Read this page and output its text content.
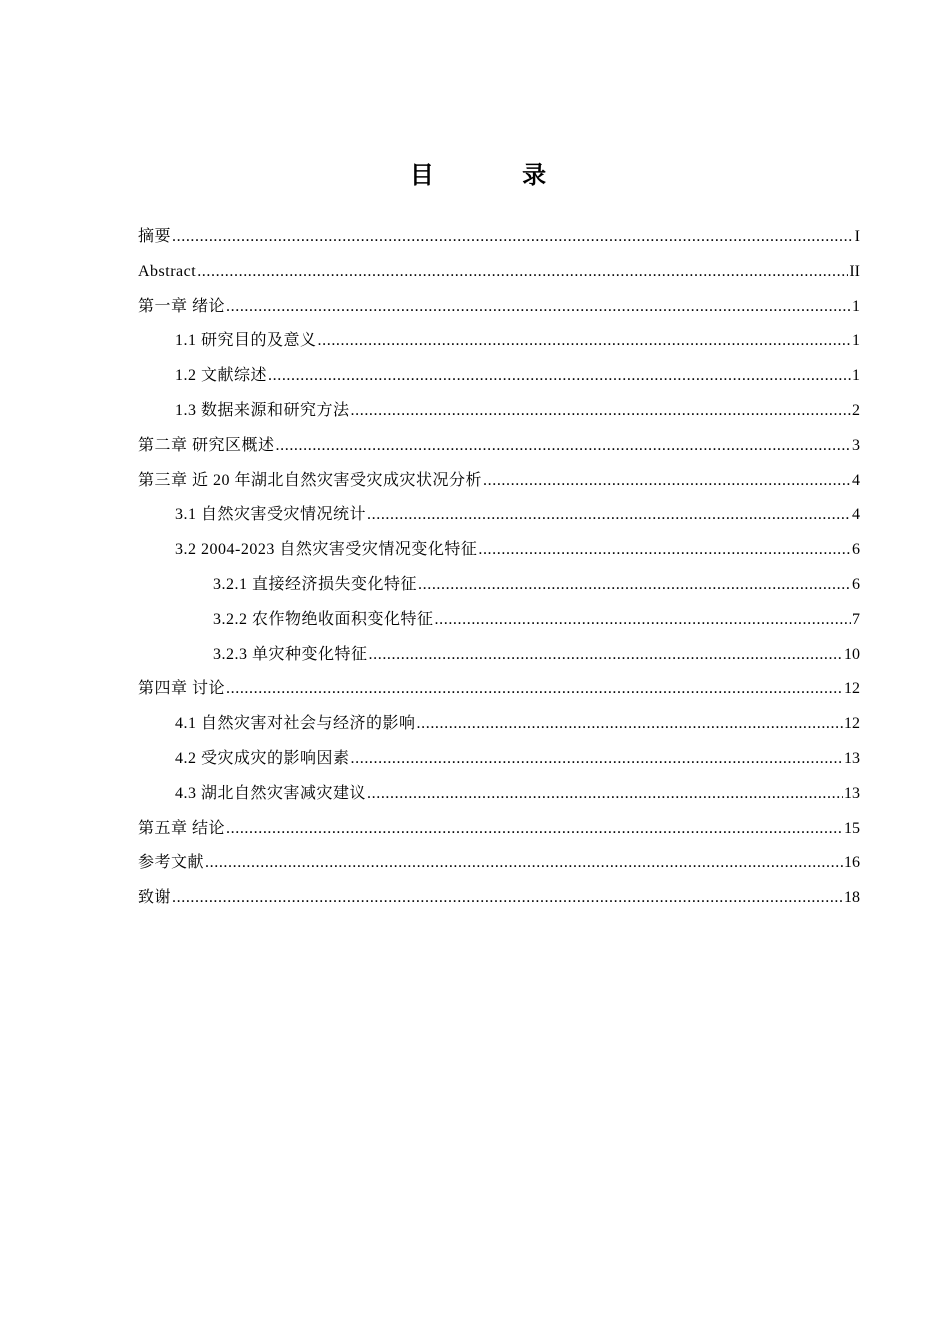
目 录
摘要 .....	I
Abstract .....	II
第一章 绪论 .....	1
1.1 研究目的及意义 .....	1
1.2 文献综述 .....	1
1.3 数据来源和研究方法 .....	2
第二章 研究区概述 .....	3
第三章 近 20 年湖北自然灾害受灾成灾状况分析 .....	4
3.1 自然灾害受灾情况统计 .....	4
3.2 2004-2023 自然灾害受灾情况变化特征 .....	6
3.2.1 直接经济损失变化特征 .....	6
3.2.2 农作物绝收面积变化特征 .....	7
3.2.3 单灾种变化特征 .....	10
第四章 讨论 .....	12
4.1 自然灾害对社会与经济的影响 .....	12
4.2 受灾成灾的影响因素 .....	13
4.3 湖北自然灾害减灾建议 .....	13
第五章 结论 .....	15
参考文献 .....	16
致谢 .....	18
